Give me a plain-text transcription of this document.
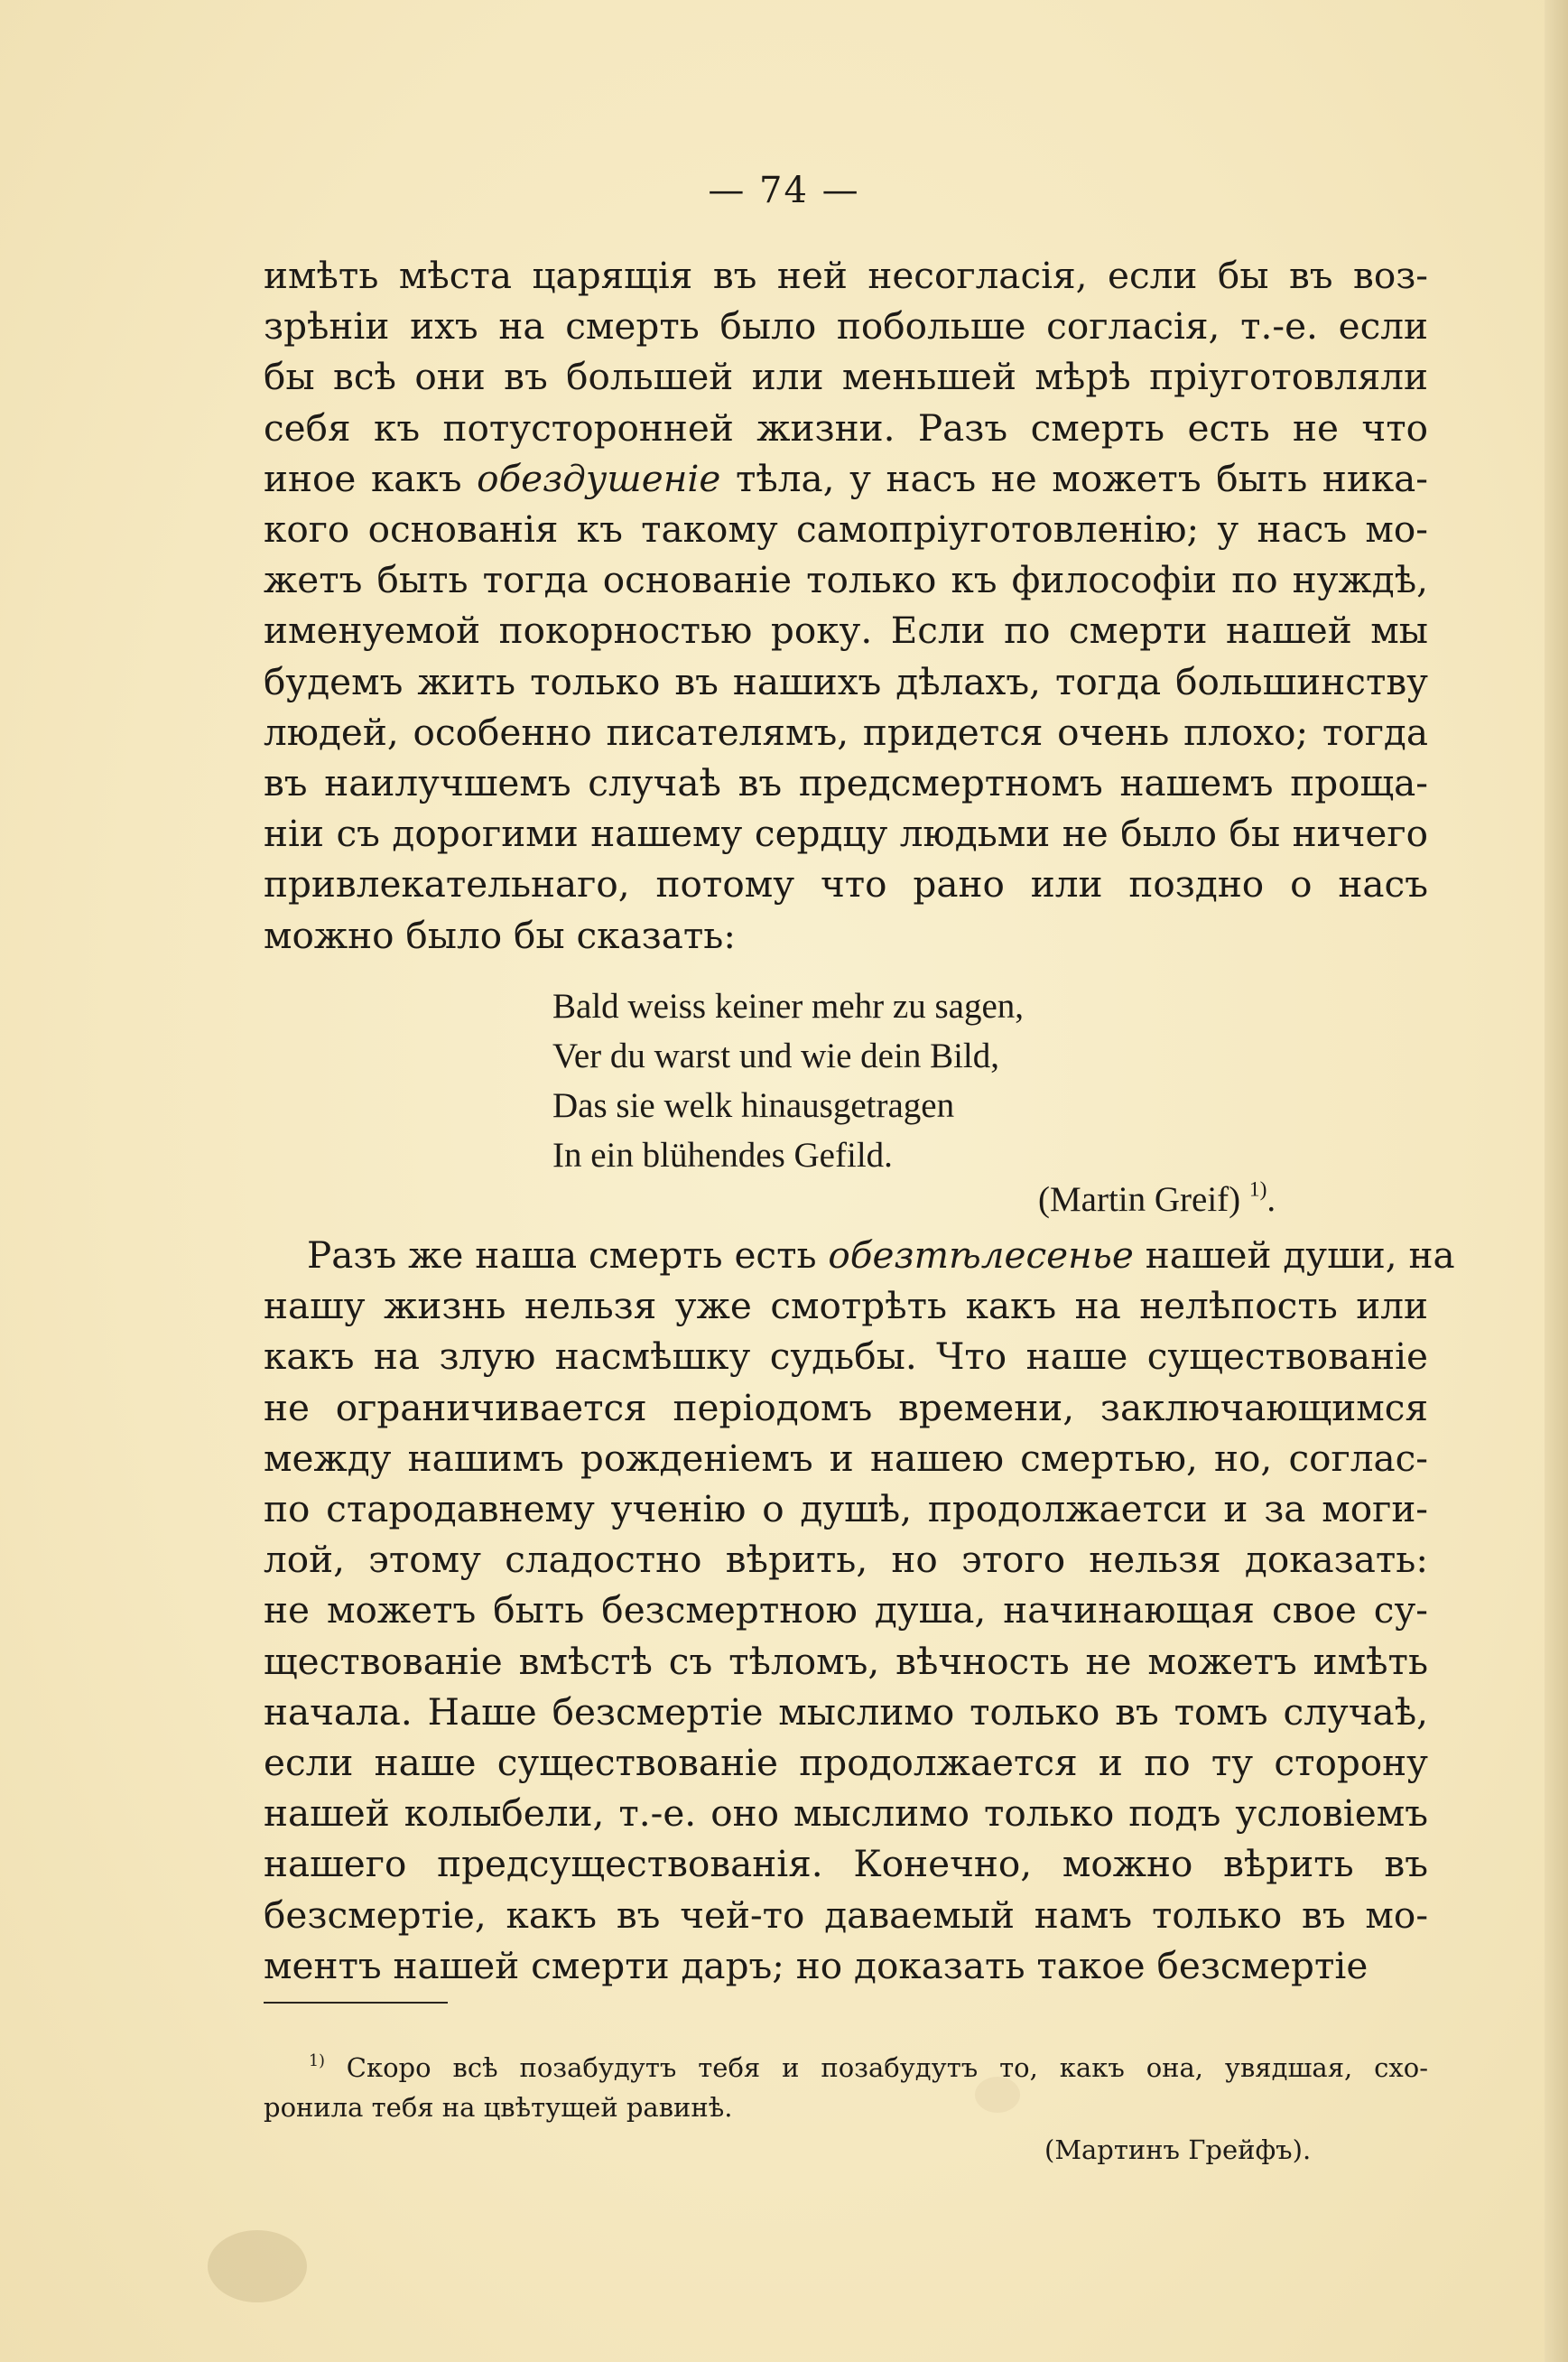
— 74 —
имѣть мѣста царящія въ ней несогласія, если бы въ воз-
зрѣніи ихъ на смерть было побольше согласія, т.-е. если
бы всѣ они въ большей или меньшей мѣрѣ пріуготовляли
себя къ потусторонней жизни. Разъ смерть есть не что
иное какъ обездушеніе тѣла, у насъ не можетъ быть ника-
кого основанія къ такому самопріуготовленію; у насъ мо-
жетъ быть тогда основаніе только къ философіи по нуждѣ,
именуемой покорностью року. Если по смерти нашей мы
будемъ жить только въ нашихъ дѣлахъ, тогда большинству
людей, особенно писателямъ, придется очень плохо; тогда
въ наилучшемъ случаѣ въ предсмертномъ нашемъ проща-
ніи съ дорогими нашему сердцу людьми не было бы ничего
привлекательнаго, потому что рано или поздно о насъ
можно было бы сказать:
Bald weiss keiner mehr zu sagen,
Ver du warst und wie dein Bild,
Das sie welk hinausgetragen
In ein blühendes Gefild.
(Martin Greif) $^{1)}$.
Разъ же наша смерть есть обезтѣлесенье нашей души, на
нашу жизнь нельзя уже смотрѣть какъ на нелѣпость или
какъ на злую насмѣшку судьбы. Что наше существованіе
не ограничивается періодомъ времени, заключающимся
между нашимъ рожденіемъ и нашею смертью, но, соглас-
по стародавнему ученію о душѣ, продолжаетси и за моги-
лой, этому сладостно вѣрить, но этого нельзя доказать:
не можетъ быть безсмертною душа, начинающая свое су-
ществованіе вмѣстѣ съ тѣломъ, вѣчность не можетъ имѣть
начала. Наше безсмертіе мыслимо только въ томъ случаѣ,
если наше существованіе продолжается и по ту сторону
нашей колыбели, т.-е. оно мыслимо только подъ условіемъ
нашего предсуществованія. Конечно, можно вѣрить въ
безсмертіе, какъ въ чей-то даваемый намъ только въ мо-
ментъ нашей смерти даръ; но доказать такое безсмертіе
$^{1)}$ Скоро всѣ позабудутъ тебя и позабудутъ то, какъ она, увядшая, схо-
ронила тебя на цвѣтущей равинѣ.
(Мартинъ Грейфъ).
